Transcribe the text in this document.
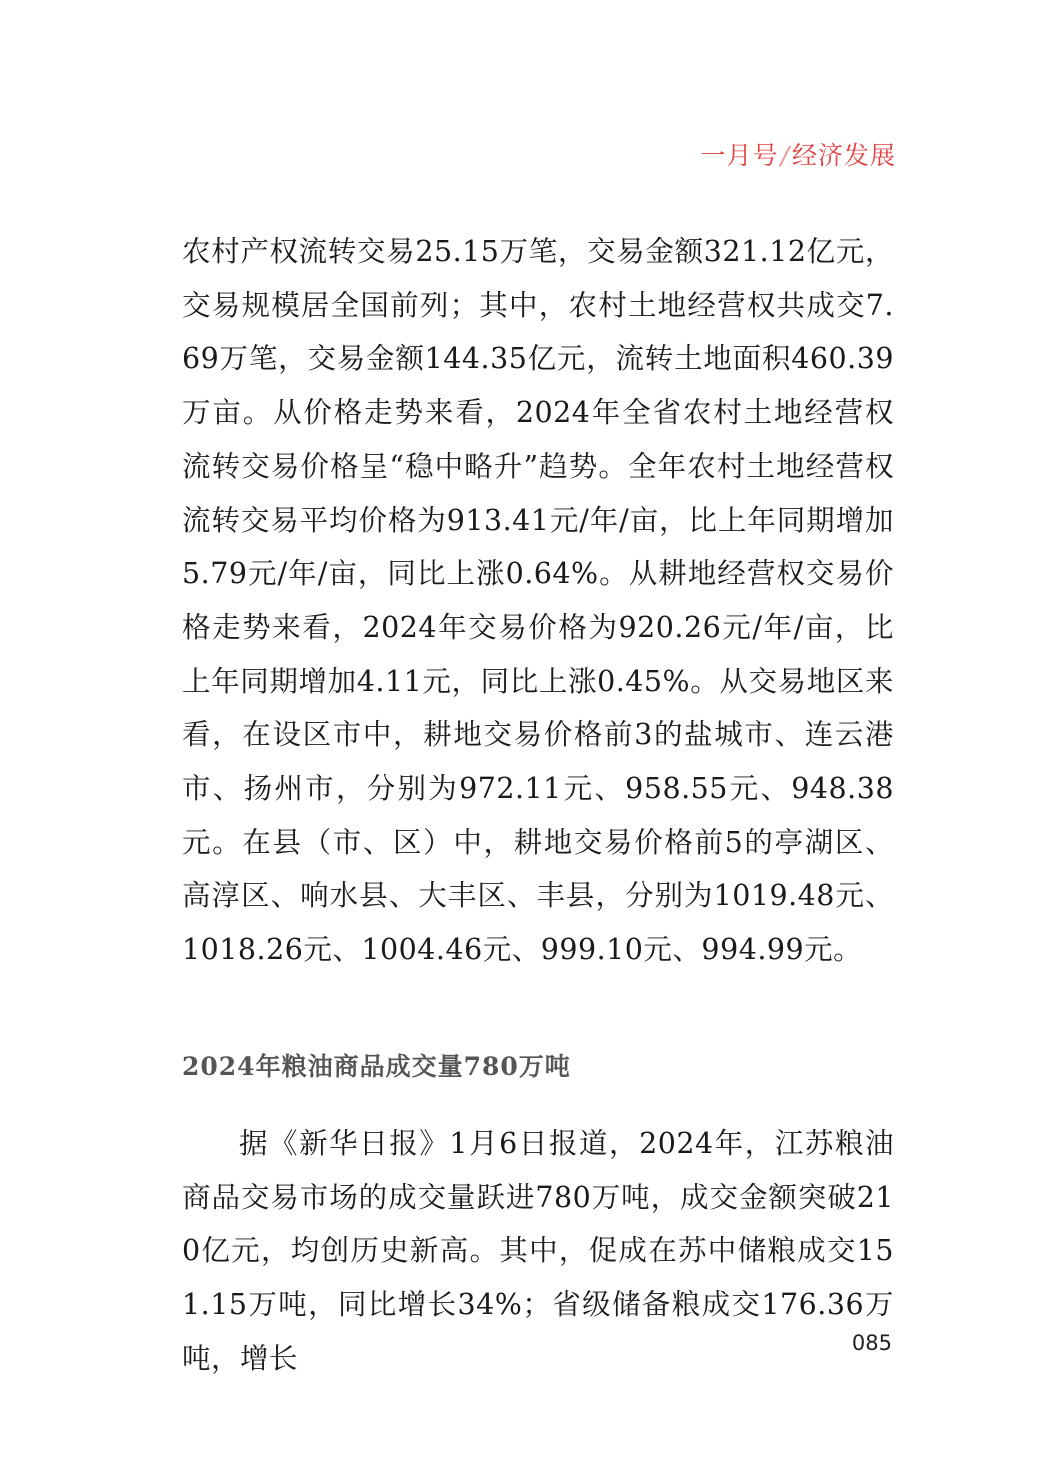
一月号/经济发展

农村产权流转交易25.15万笔，交易金额321.12亿元，交易规模居全国前列；其中，农村土地经营权共成交7.69万笔，交易金额144.35亿元，流转土地面积460.39万亩。从价格走势来看，2024年全省农村土地经营权流转交易价格呈“稳中略升”趋势。全年农村土地经营权流转交易平均价格为913.41元/年/亩，比上年同期增加5.79元/年/亩，同比上涨0.64%。从耕地经营权交易价格走势来看，2024年交易价格为920.26元/年/亩，比上年同期增加4.11元，同比上涨0.45%。从交易地区来看，在设区市中，耕地交易价格前3的盐城市、连云港市、扬州市，分别为972.11元、958.55元、948.38元。在县（市、区）中，耕地交易价格前5的亭湖区、高淳区、响水县、大丰区、丰县，分别为1019.48元、1018.26元、1004.46元、999.10元、994.99元。

2024年粮油商品成交量780万吨

据《新华日报》1月6日报道，2024年，江苏粮油商品交易市场的成交量跃进780万吨，成交金额突破210亿元，均创历史新高。其中，促成在苏中储粮成交151.15万吨，同比增长34%；省级储备粮成交176.36万吨，增长	085
